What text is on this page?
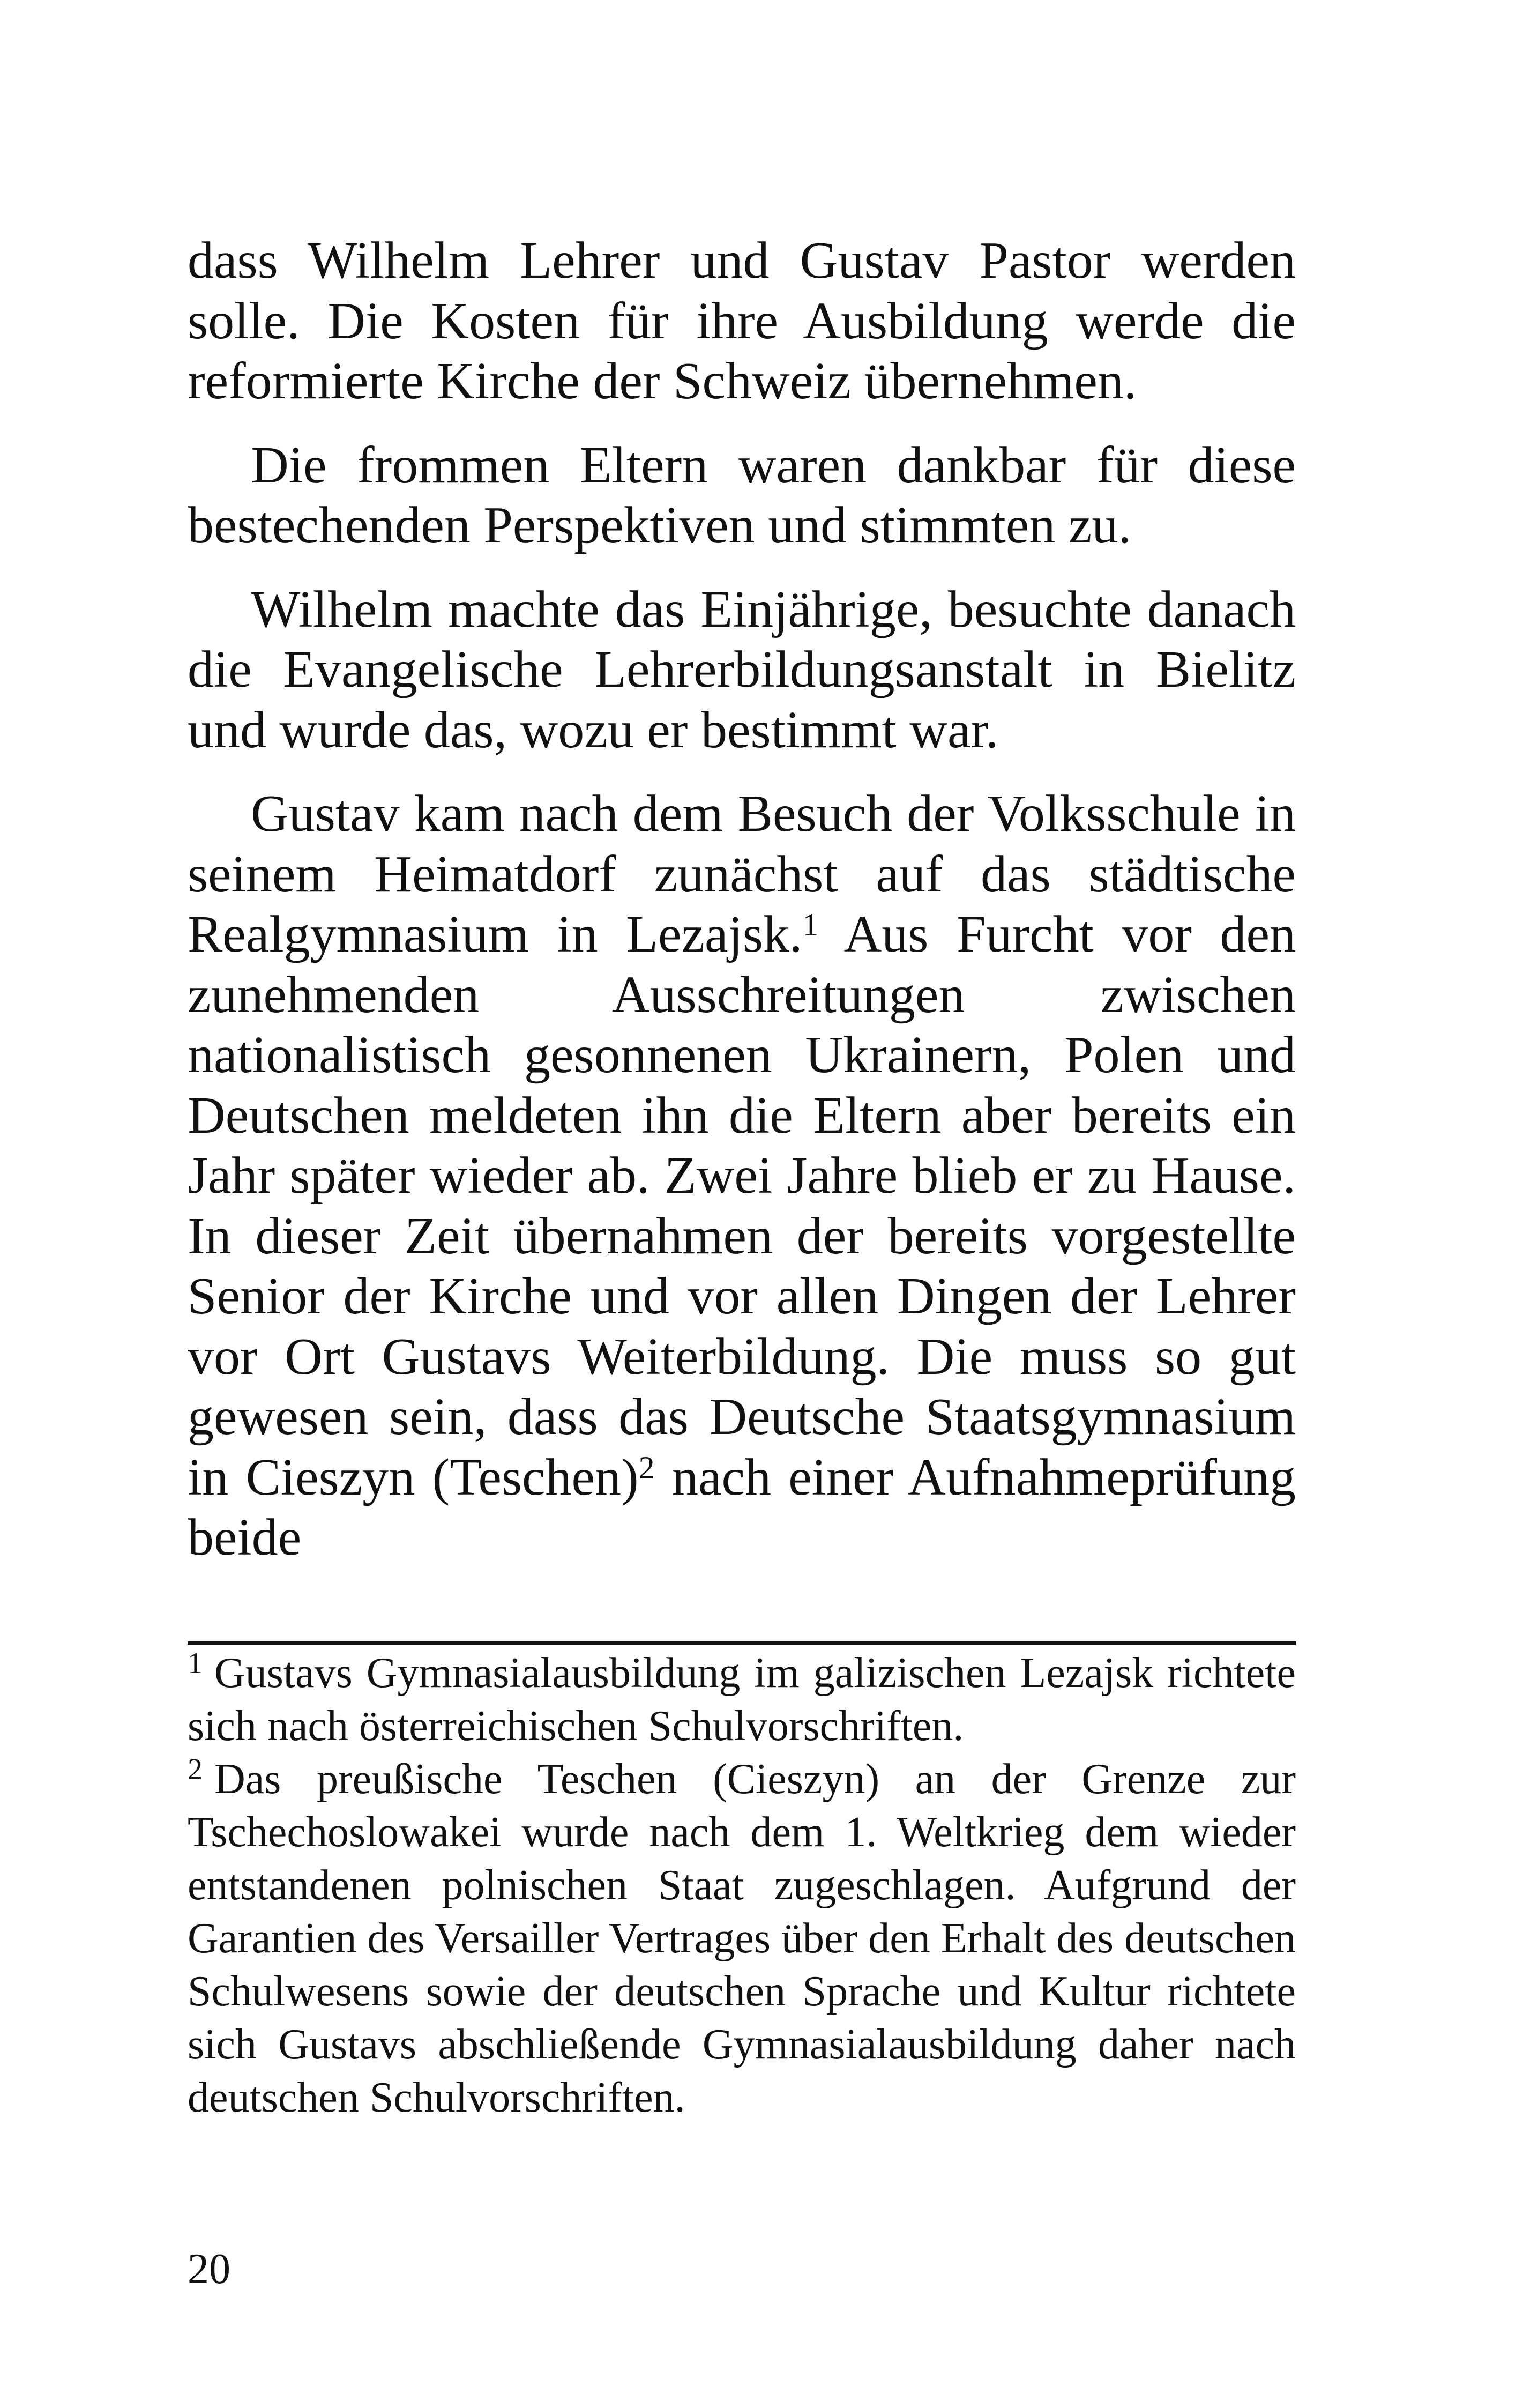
dass Wilhelm Lehrer und Gustav Pastor werden solle. Die Kosten für ihre Ausbildung werde die reformierte Kirche der Schweiz übernehmen.

Die frommen Eltern waren dankbar für diese bestechenden Perspektiven und stimmten zu.

Wilhelm machte das Einjährige, besuchte danach die Evangelische Lehrerbildungsanstalt in Bielitz und wurde das, wozu er bestimmt war.

Gustav kam nach dem Besuch der Volksschule in seinem Heimatdorf zunächst auf das städtische Realgymnasium in Lezajsk.$^1$ Aus Furcht vor den zunehmenden Ausschreitungen zwischen nationalistisch gesonnenen Ukrainern, Polen und Deutschen meldeten ihn die Eltern aber bereits ein Jahr später wieder ab. Zwei Jahre blieb er zu Hause. In dieser Zeit übernahmen der bereits vorgestellte Senior der Kirche und vor allen Dingen der Lehrer vor Ort Gustavs Weiterbildung. Die muss so gut gewesen sein, dass das Deutsche Staatsgymnasium in Cieszyn (Teschen)$^2$ nach einer Aufnahmeprüfung beide

$^1$ Gustavs Gymnasialausbildung im galizischen Lezajsk richtete sich nach österreichischen Schulvorschriften.

$^2$ Das preußische Teschen (Cieszyn) an der Grenze zur Tschechoslowakei wurde nach dem 1. Weltkrieg dem wieder entstandenen polnischen Staat zugeschlagen. Aufgrund der Garantien des Versailler Vertrages über den Erhalt des deutschen Schulwesens sowie der deutschen Sprache und Kultur richtete sich Gustavs abschließende Gymnasialausbildung daher nach deutschen Schulvorschriften.

20
